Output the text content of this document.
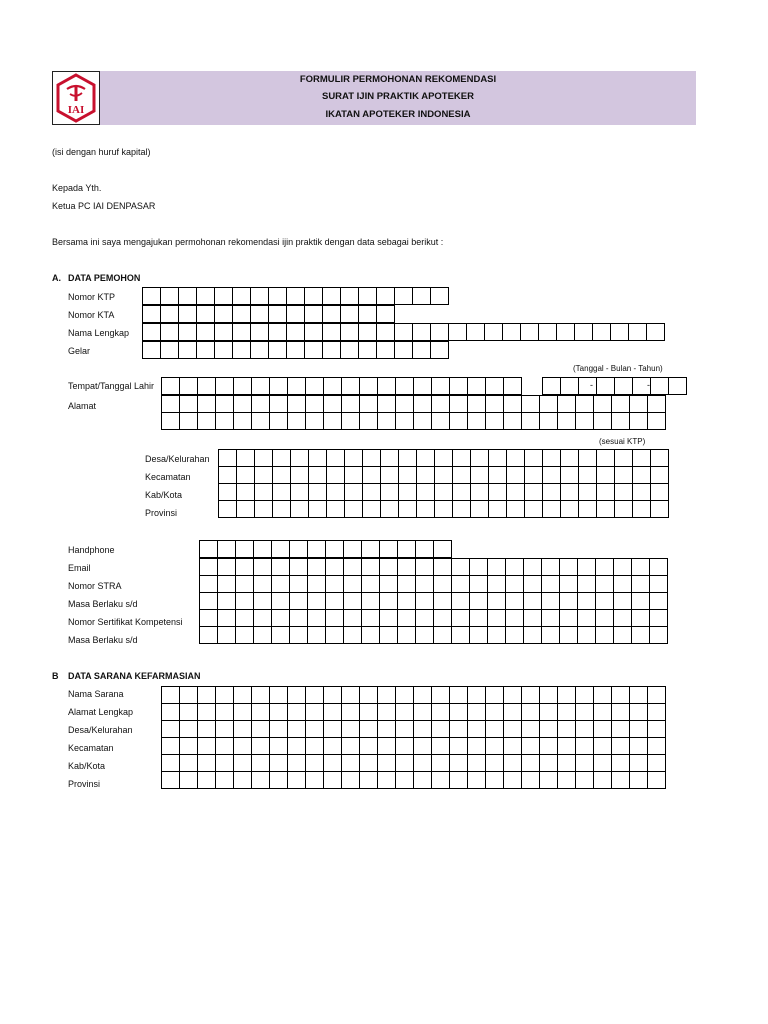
IAI
FORMULIR PERMOHONAN REKOMENDASI
SURAT IJIN PRAKTIK APOTEKER
IKATAN APOTEKER INDONESIA
(isi dengan huruf kapital)
Kepada Yth.
Ketua PC IAI DENPASAR
Bersama ini saya mengajukan permohonan rekomendasi ijin praktik dengan data sebagai berikut :
A. DATA PEMOHON
Nomor KTP
Nomor KTA
Nama Lengkap
Gelar
(Tanggal - Bulan - Tahun)
Tempat/Tanggal Lahir	-	-
Alamat
(sesuai KTP)
Desa/Kelurahan
Kecamatan
Kab/Kota
Provinsi
Handphone
Email
Nomor STRA
Masa Berlaku s/d
Nomor Sertifikat Kompetensi
Masa Berlaku s/d
B DATA SARANA KEFARMASIAN
Nama Sarana
Alamat Lengkap
Desa/Kelurahan
Kecamatan
Kab/Kota
Provinsi
